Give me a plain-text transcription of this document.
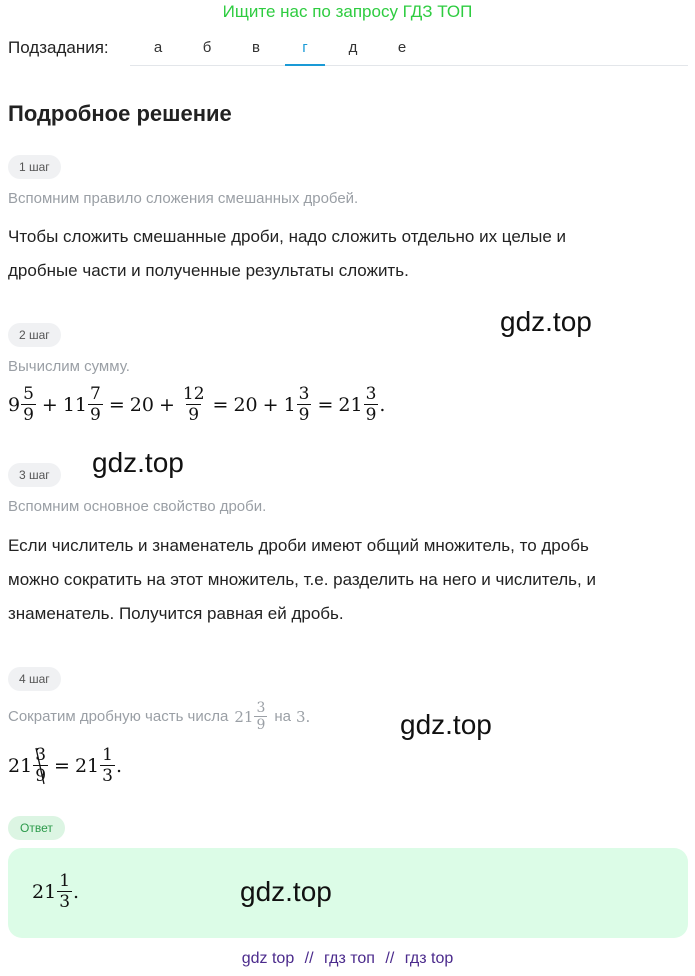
Ищите нас по запросу ГДЗ ТОП
Подзадания:	а	б	в	г	д	е
Подробное решение
1 шаг
Вспомним правило сложения смешанных дробей.
Чтобы сложить смешанные дроби, надо сложить отдельно их целые и
дробные части и полученные результаты сложить.
gdz.top
2 шаг
Вычислим сумму.
$9 \frac{5}{9} + 11 \frac{7}{9} = 20 + \frac{12}{9} = 20 + 1 \frac{3}{9} = 21 \frac{3}{9}$ .
gdz.top
3 шаг
Вспомним основное свойство дроби.
Если числитель и знаменатель дроби имеют общий множитель, то дробь
можно сократить на этот множитель, т.е. разделить на него и числитель, и
знаменатель. Получится равная ей дробь.
4 шаг
Сократим дробную часть числа $21 \frac{3}{9}$ на 3.	gdz.top
$21 \frac{3}{9} = 21 \frac{1}{3}$ .
Ответ
$21 \frac{1}{3}$ .	gdz.top
gdz top // гдз топ // гдз top
